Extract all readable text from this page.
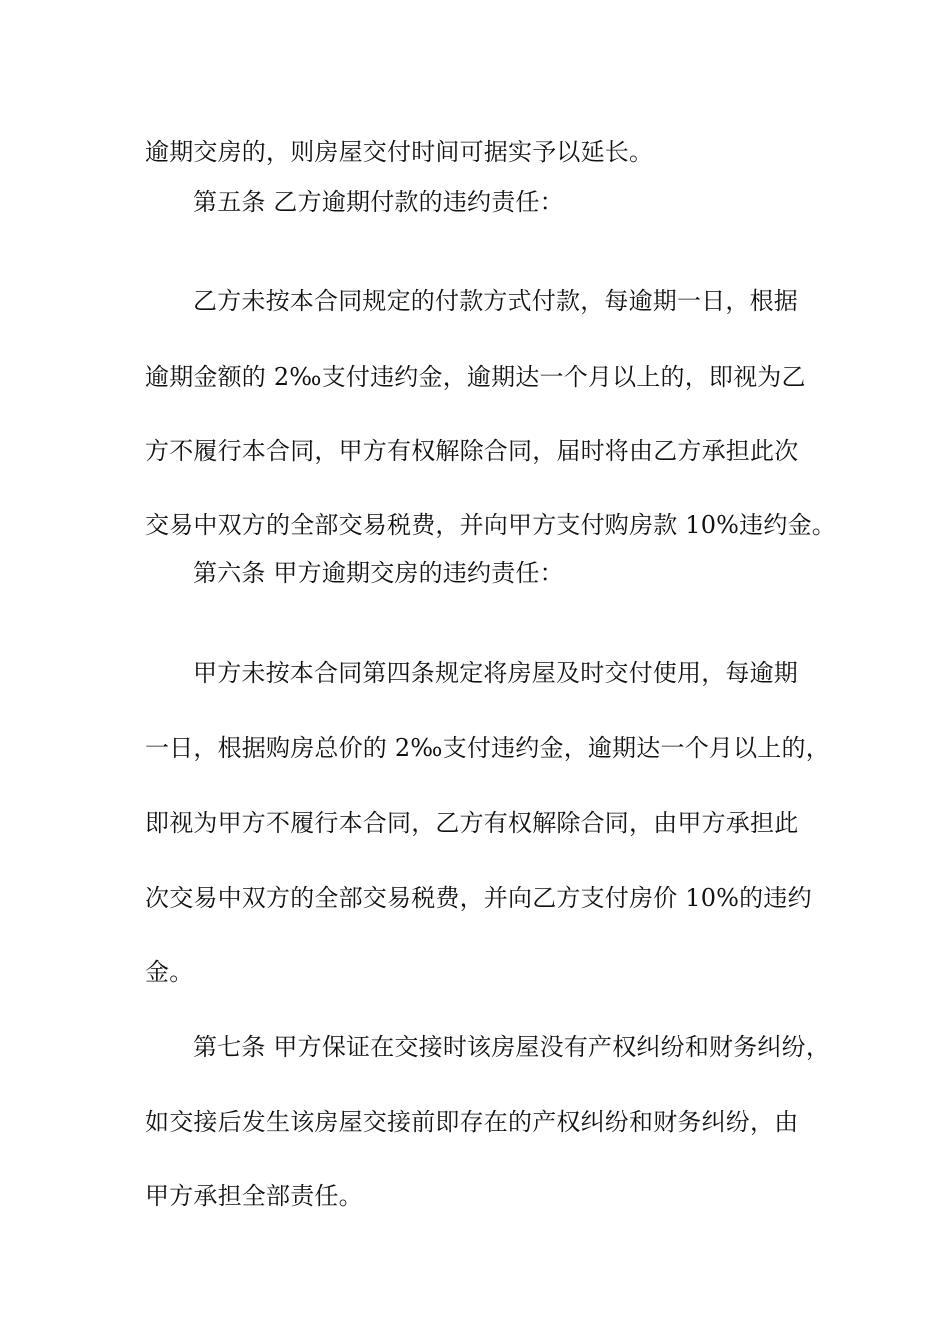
逾期交房的，则房屋交付时间可据实予以延长。
第五条 乙方逾期付款的违约责任：
乙方未按本合同规定的付款方式付款，每逾期一日，根据
逾期金额的 2‰支付违约金，逾期达一个月以上的，即视为乙
方不履行本合同，甲方有权解除合同，届时将由乙方承担此次
交易中双方的全部交易税费，并向甲方支付购房款 10%违约金。
第六条 甲方逾期交房的违约责任：
甲方未按本合同第四条规定将房屋及时交付使用，每逾期
一日，根据购房总价的 2‰支付违约金，逾期达一个月以上的，
即视为甲方不履行本合同，乙方有权解除合同，由甲方承担此
次交易中双方的全部交易税费，并向乙方支付房价 10%的违约
金。
第七条 甲方保证在交接时该房屋没有产权纠纷和财务纠纷，
如交接后发生该房屋交接前即存在的产权纠纷和财务纠纷，由
甲方承担全部责任。
